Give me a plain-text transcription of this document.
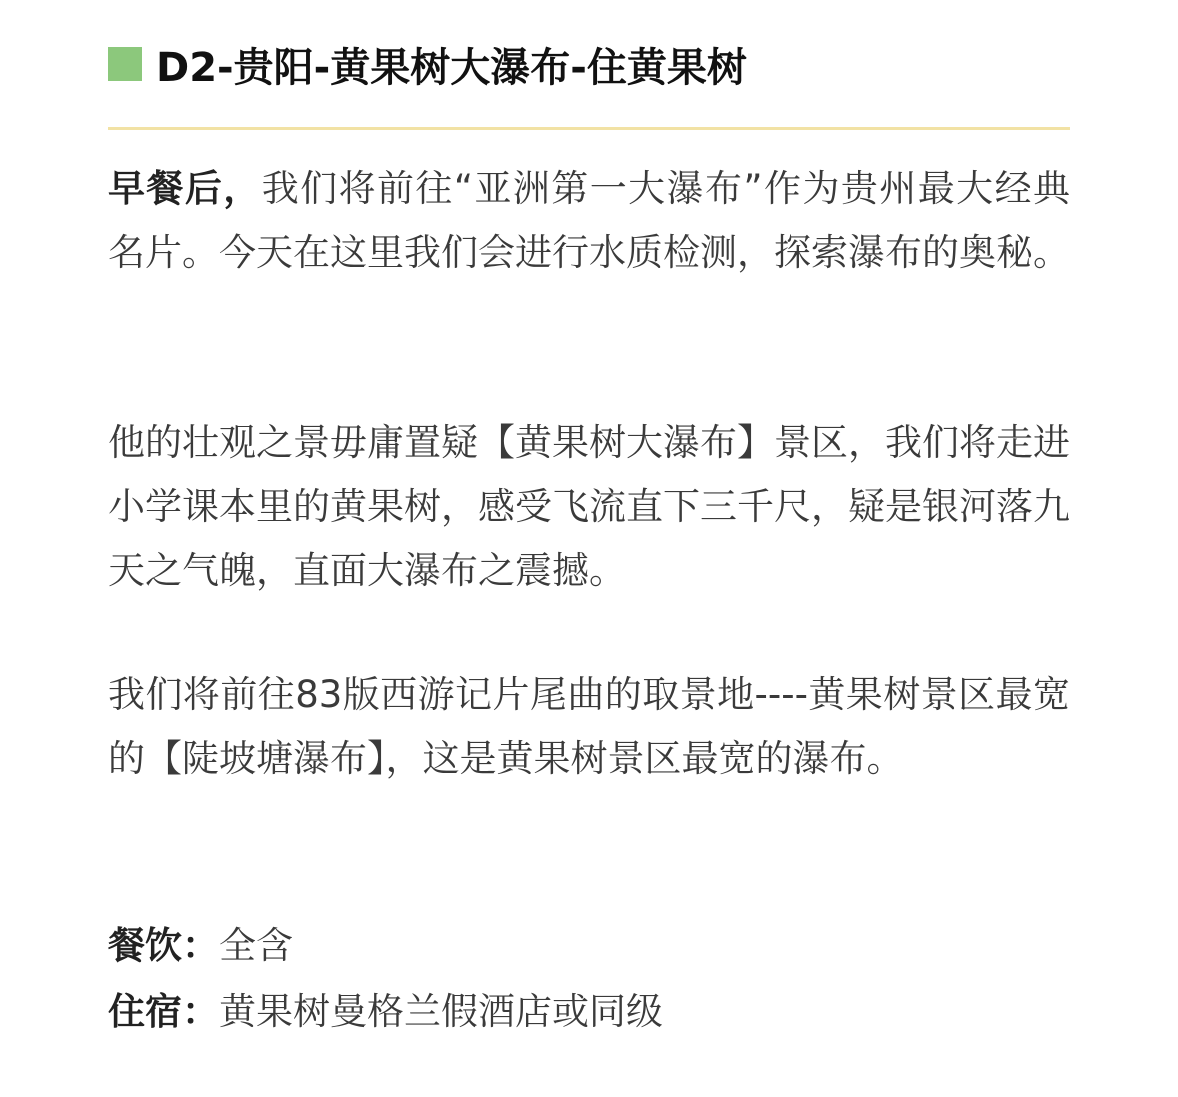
D2-贵阳-黄果树大瀑布-住黄果树

早餐后，我们将前往“亚洲第一大瀑布”作为贵州最大经典名片。今天在这里我们会进行水质检测，探索瀑布的奥秘。

他的壮观之景毋庸置疑【黄果树大瀑布】景区，我们将走进小学课本里的黄果树，感受飞流直下三千尺，疑是银河落九天之气魄，直面大瀑布之震撼。

我们将前往83版西游记片尾曲的取景地----黄果树景区最宽的【陡坡塘瀑布】，这是黄果树景区最宽的瀑布。

餐饮：全含
住宿：黄果树曼格兰假酒店或同级
